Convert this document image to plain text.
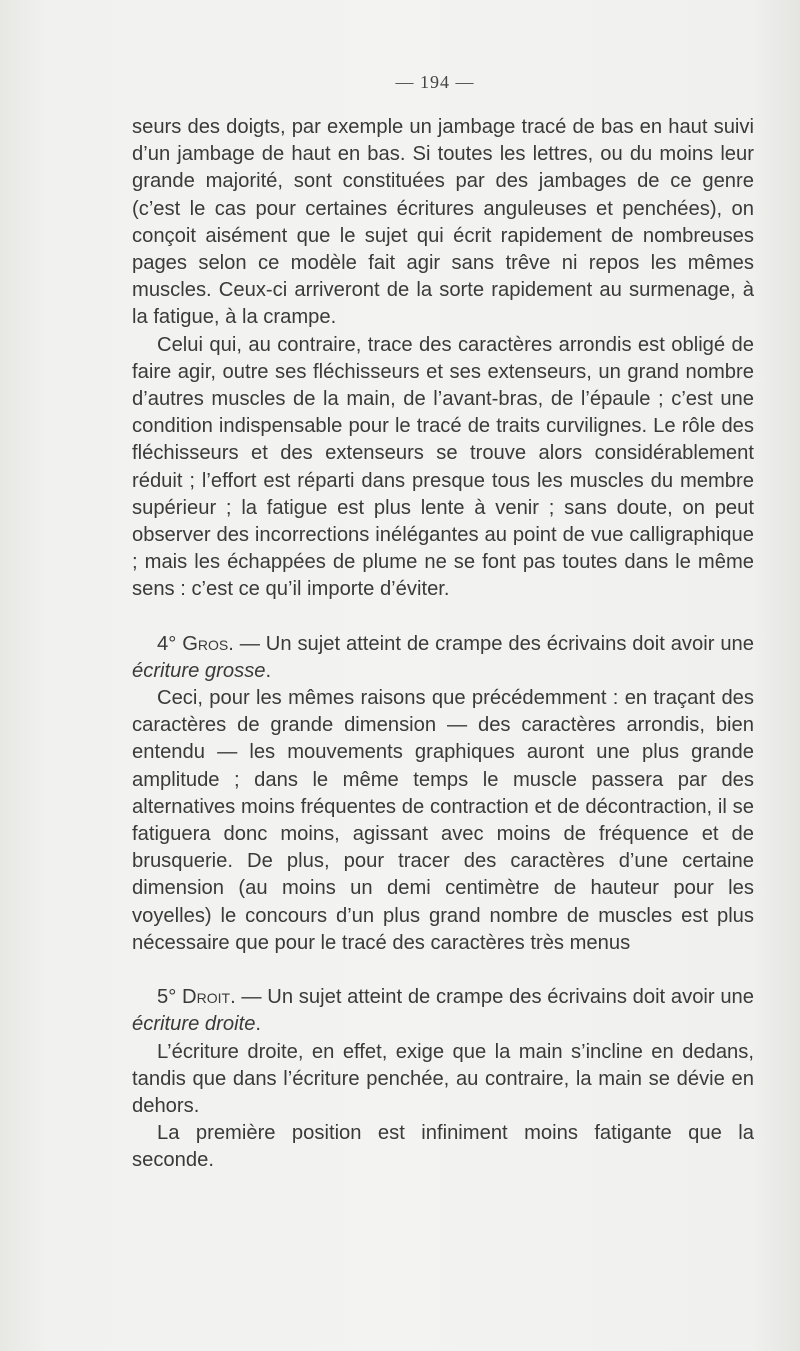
— 194 —

seurs des doigts, par exemple un jambage tracé de bas en haut suivi d’un jambage de haut en bas. Si toutes les lettres, ou du moins leur grande majorité, sont constituées par des jambages de ce genre (c’est le cas pour certaines écritures anguleuses et penchées), on conçoit aisément que le sujet qui écrit rapidement de nombreuses pages selon ce modèle fait agir sans trêve ni repos les mêmes muscles. Ceux-ci arriveront de la sorte rapidement au surmenage, à la fatigue, à la crampe.

Celui qui, au contraire, trace des caractères arrondis est obligé de faire agir, outre ses fléchisseurs et ses extenseurs, un grand nombre d’autres muscles de la main, de l’avant-bras, de l’épaule ; c’est une condition indispensable pour le tracé de traits curvilignes. Le rôle des fléchisseurs et des extenseurs se trouve alors considérablement réduit ; l’effort est réparti dans presque tous les muscles du membre supérieur ; la fatigue est plus lente à venir ; sans doute, on peut observer des incorrections inélégantes au point de vue calligraphique ; mais les échappées de plume ne se font pas toutes dans le même sens : c’est ce qu’il importe d’éviter.

4° Gros. — Un sujet atteint de crampe des écrivains doit avoir une écriture grosse.

Ceci, pour les mêmes raisons que précédemment : en traçant des caractères de grande dimension — des caractères arrondis, bien entendu — les mouvements graphiques auront une plus grande amplitude ; dans le même temps le muscle passera par des alternatives moins fréquentes de contraction et de décontraction, il se fatiguera donc moins, agissant avec moins de fréquence et de brusquerie. De plus, pour tracer des caractères d’une certaine dimension (au moins un demi centimètre de hauteur pour les voyelles) le concours d’un plus grand nombre de muscles est plus nécessaire que pour le tracé des caractères très menus

5° Droit. — Un sujet atteint de crampe des écrivains doit avoir une écriture droite.

L’écriture droite, en effet, exige que la main s’incline en dedans, tandis que dans l’écriture penchée, au contraire, la main se dévie en dehors.

La première position est infiniment moins fatigante que la seconde.
